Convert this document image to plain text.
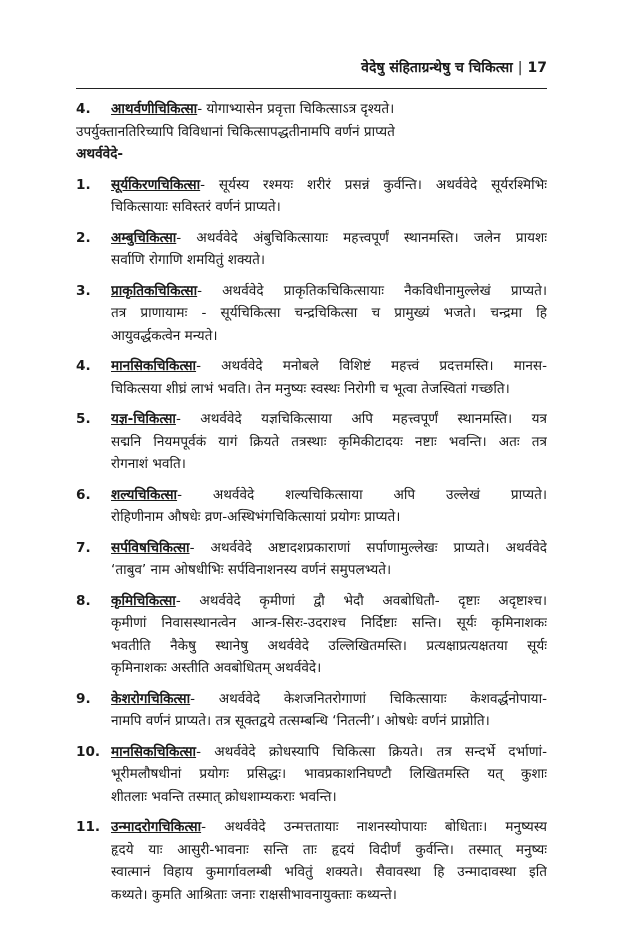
वेदेषु संहिताग्रन्थेषु च चिकित्सा | 17
4. आथर्वणीचिकित्सा- योगाभ्यासेन प्रवृत्ता चिकित्साऽत्र दृश्यते।
उपर्युक्तानतिरिच्यापि विविधानां चिकित्सापद्धतीनामपि वर्णनं प्राप्यते
अथर्ववेदे-
1. सूर्यकिरणचिकित्सा- सूर्यस्य रश्मयः शरीरं प्रसन्नं कुर्वन्ति। अथर्ववेदे सूर्यरश्मिभिः
चिकित्सायाः सविस्तरं वर्णनं प्राप्यते।
2. अम्बुचिकित्सा- अथर्ववेदे अंबुचिकित्सायाः महत्त्वपूर्णं स्थानमस्ति। जलेन प्रायशः
सर्वाणि रोगाणि शमयितुं शक्यते।
3. प्राकृतिकचिकित्सा- अथर्ववेदे प्राकृतिकचिकित्सायाः नैकविधीनामुल्लेखं प्राप्यते।
तत्र प्राणायामः - सूर्यचिकित्सा चन्द्रचिकित्सा च प्रामुख्यं भजते। चन्द्रमा हि
आयुवर्द्धकत्वेन मन्यते।
4. मानसिकचिकित्सा- अथर्ववेदे मनोबले विशिष्टं महत्त्वं प्रदत्तमस्ति। मानस-
चिकित्सया शीघ्रं लाभं भवति। तेन मनुष्यः स्वस्थः निरोगी च भूत्वा तेजस्वितां गच्छति।
5. यज्ञ-चिकित्सा- अथर्ववेदे यज्ञचिकित्साया अपि महत्त्वपूर्णं स्थानमस्ति। यत्र
सद्मनि नियमपूर्वकं यागं क्रियते तत्रस्थाः कृमिकीटादयः नष्टाः भवन्ति। अतः तत्र
रोगनाशं भवति।
6. शल्यचिकित्सा- अथर्ववेदे शल्यचिकित्साया अपि उल्लेखं प्राप्यते।
रोहिणीनाम औषधेः व्रण-अस्थिभंगचिकित्सायां प्रयोगः प्राप्यते।
7. सर्पविषचिकित्सा- अथर्ववेदे अष्टादशप्रकाराणां सर्पाणामुल्लेखः प्राप्यते। अथर्ववेदे
‘ताबुव’ नाम ओषधीभिः सर्पविनाशनस्य वर्णनं समुपलभ्यते।
8. कृमिचिकित्सा- अथर्ववेदे कृमीणां द्वौ भेदौ अवबोधितौ- दृष्टाः अदृष्टाश्च।
कृमीणां निवासस्थानत्वेन आन्त्र-सिरः-उदराश्च निर्दिष्टाः सन्ति। सूर्यः कृमिनाशकः
भवतीति नैकेषु स्थानेषु अथर्ववेदे उल्लिखितमस्ति। प्रत्यक्षाप्रत्यक्षतया सूर्यः
कृमिनाशकः अस्तीति अवबोधितम् अथर्ववेदे।
9. केशरोगचिकित्सा- अथर्ववेदे केशजनितरोगाणां चिकित्सायाः केशवर्द्धनोपाया-
नामपि वर्णनं प्राप्यते। तत्र सूक्तद्वये तत्सम्बन्धि ‘नितत्नी’। ओषधेः वर्णनं प्राप्नोति।
10. मानसिकचिकित्सा- अथर्ववेदे क्रोधस्यापि चिकित्सा क्रियते। तत्र सन्दर्भे दर्भाणां-
भूरीमलौषधीनां प्रयोगः प्रसिद्धः। भावप्रकाशनिघण्टौ लिखितमस्ति यत् कुशाः
शीतलाः भवन्ति तस्मात् क्रोधशाम्यकराः भवन्ति।
11. उन्मादरोगचिकित्सा- अथर्ववेदे उन्मत्ततायाः नाशनस्योपायाः बोधिताः। मनुष्यस्य
हृदये याः आसुरी-भावनाः सन्ति ताः हृदयं विदीर्णं कुर्वन्ति। तस्मात् मनुष्यः
स्वात्मानं विहाय कुमार्गावलम्बी भवितुं शक्यते। सैवावस्था हि उन्मादावस्था इति
कथ्यते। कुमति आश्रिताः जनाः राक्षसीभावनायुक्ताः कथ्यन्ते।
